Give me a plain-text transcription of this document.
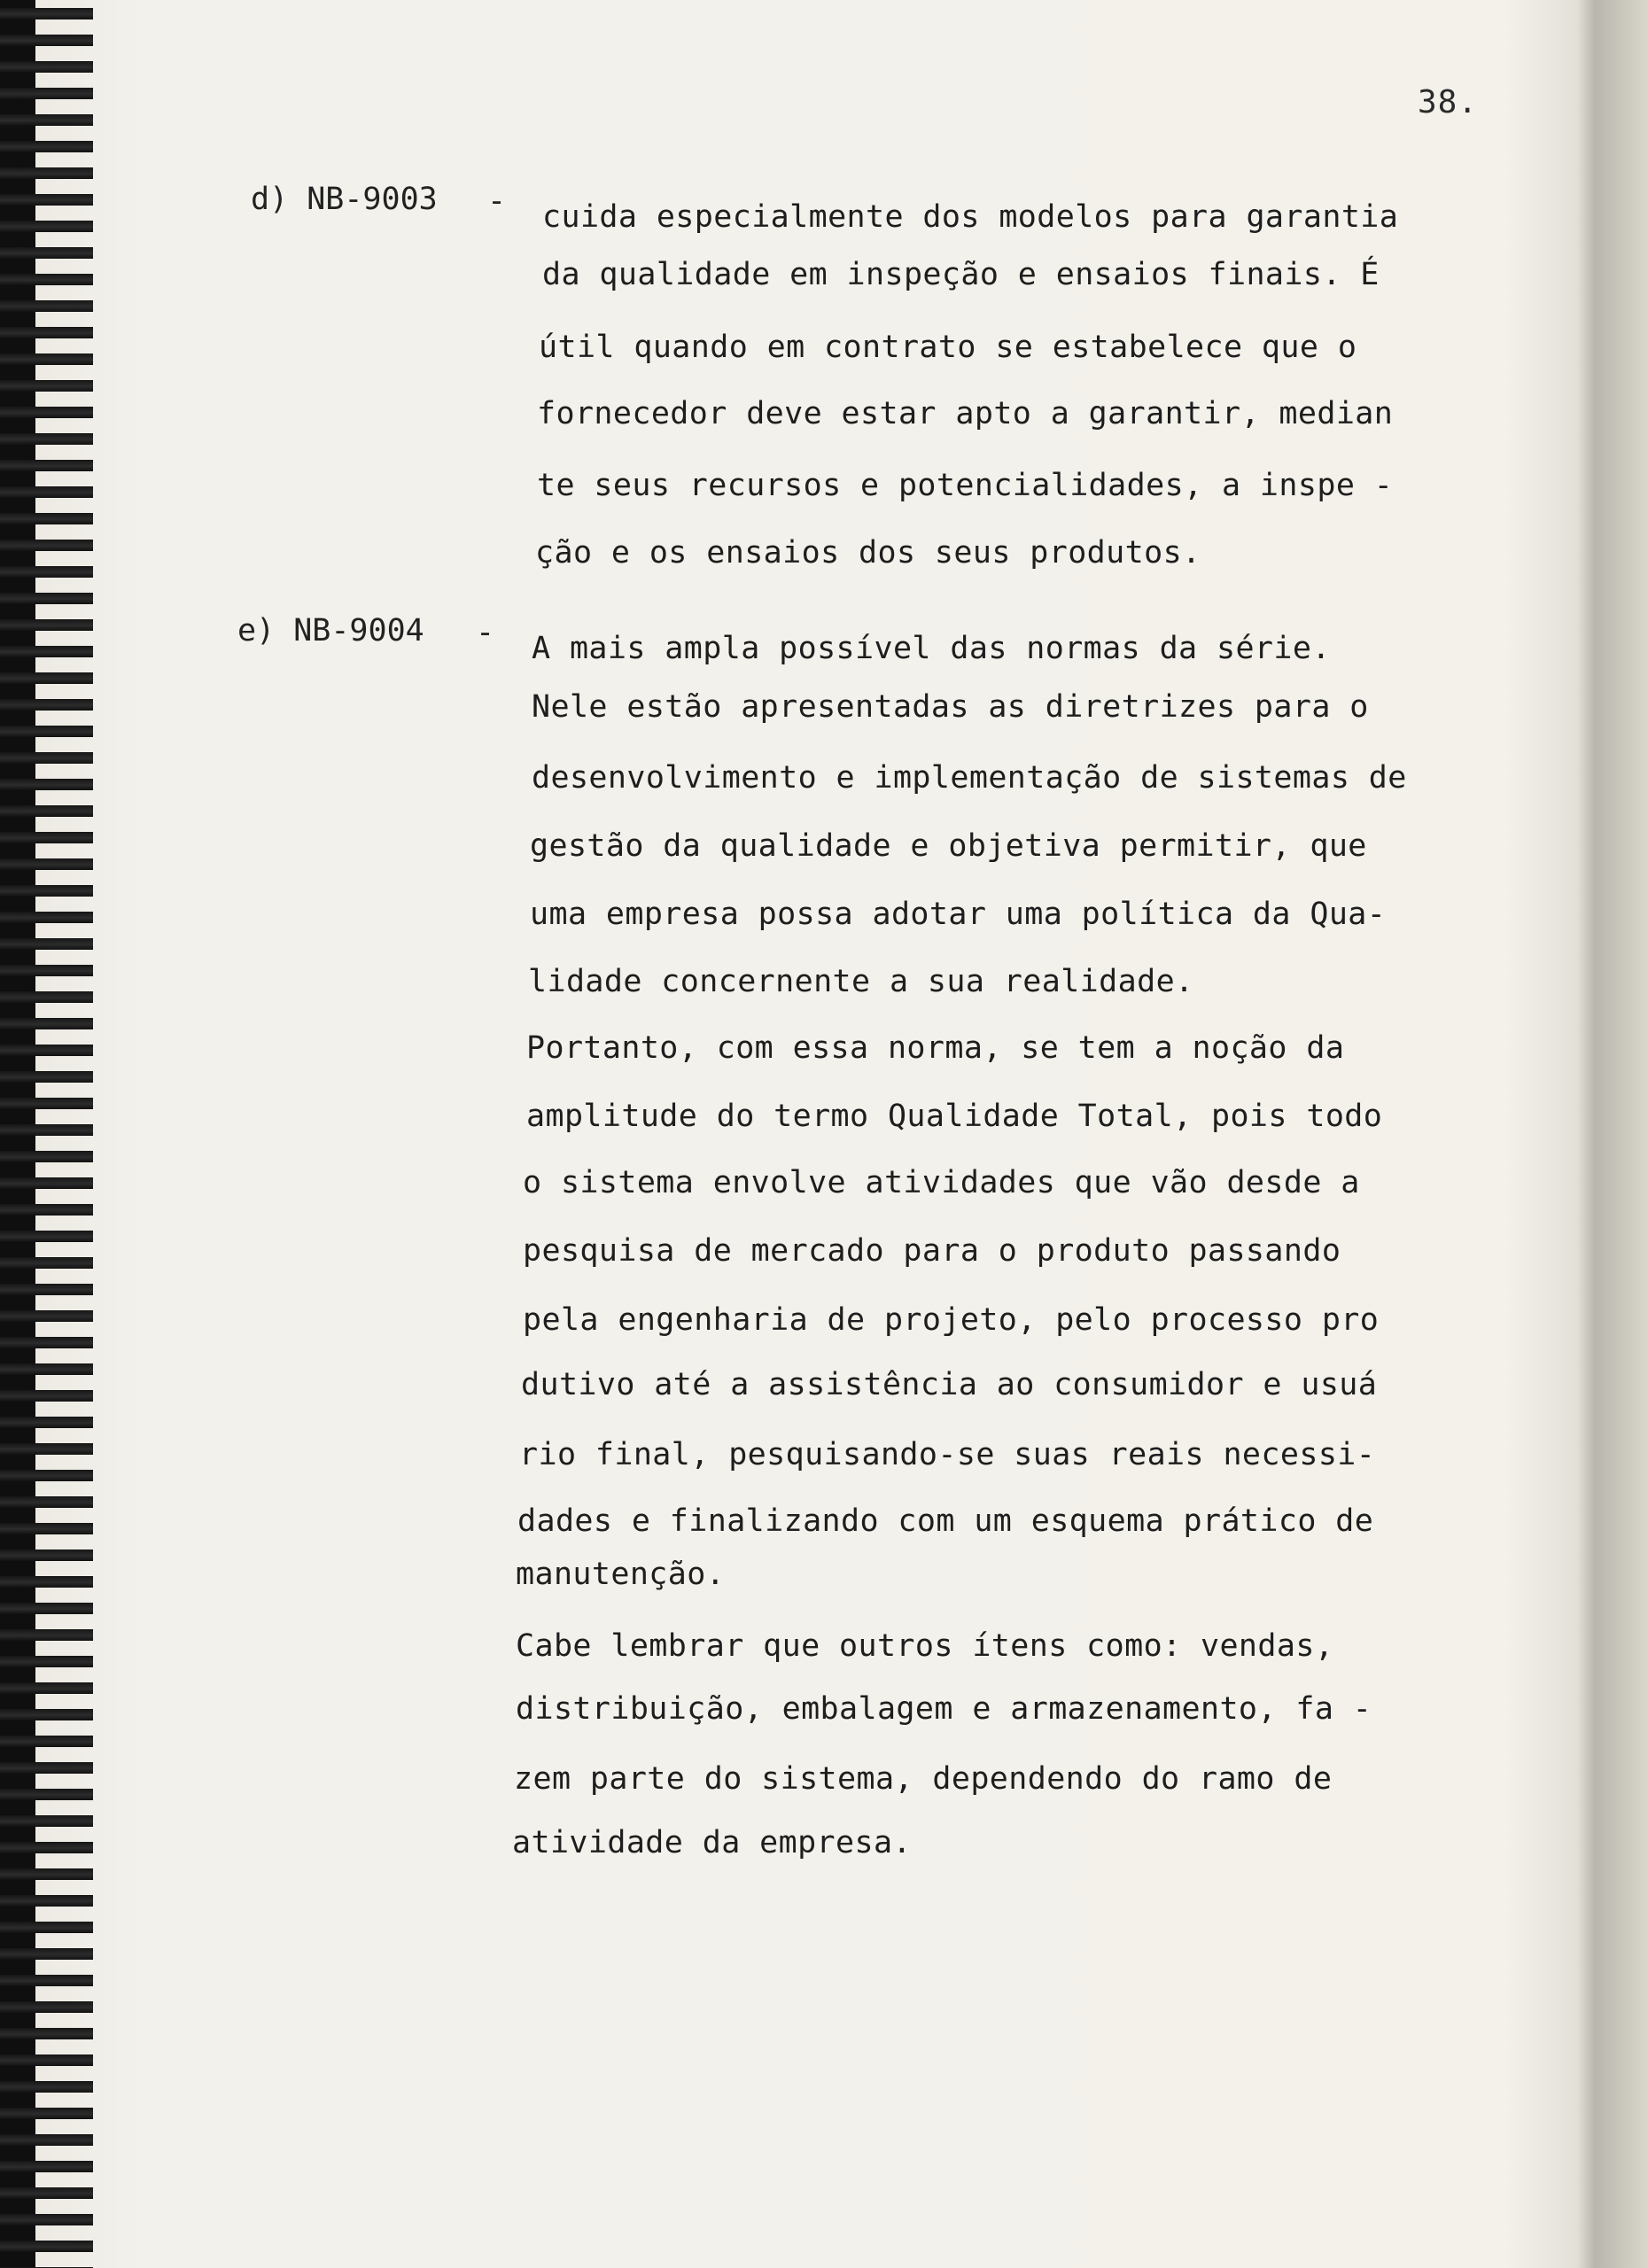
38.
d) NB-9003 - cuida especialmente dos modelos para garantia
da qualidade em inspeção e ensaios finais. É
útil quando em contrato se estabelece que o
fornecedor deve estar apto a garantir, median
te seus recursos e potencialidades, a inspe -
ção e os ensaios dos seus produtos.
e) NB-9004 - A mais ampla possível das normas da série.
Nele estão apresentadas as diretrizes para o
desenvolvimento e implementação de sistemas de
gestão da qualidade e objetiva permitir, que
uma empresa possa adotar uma política da Qua-
lidade concernente a sua realidade.
Portanto, com essa norma, se tem a noção da
amplitude do termo Qualidade Total, pois todo
o sistema envolve atividades que vão desde a
pesquisa de mercado para o produto passando
pela engenharia de projeto, pelo processo pro
dutivo até a assistência ao consumidor e usuá
rio final, pesquisando-se suas reais necessi-
dades e finalizando com um esquema prático de
manutenção.
Cabe lembrar que outros ítens como: vendas,
distribuição, embalagem e armazenamento, fa -
zem parte do sistema, dependendo do ramo de
atividade da empresa.
